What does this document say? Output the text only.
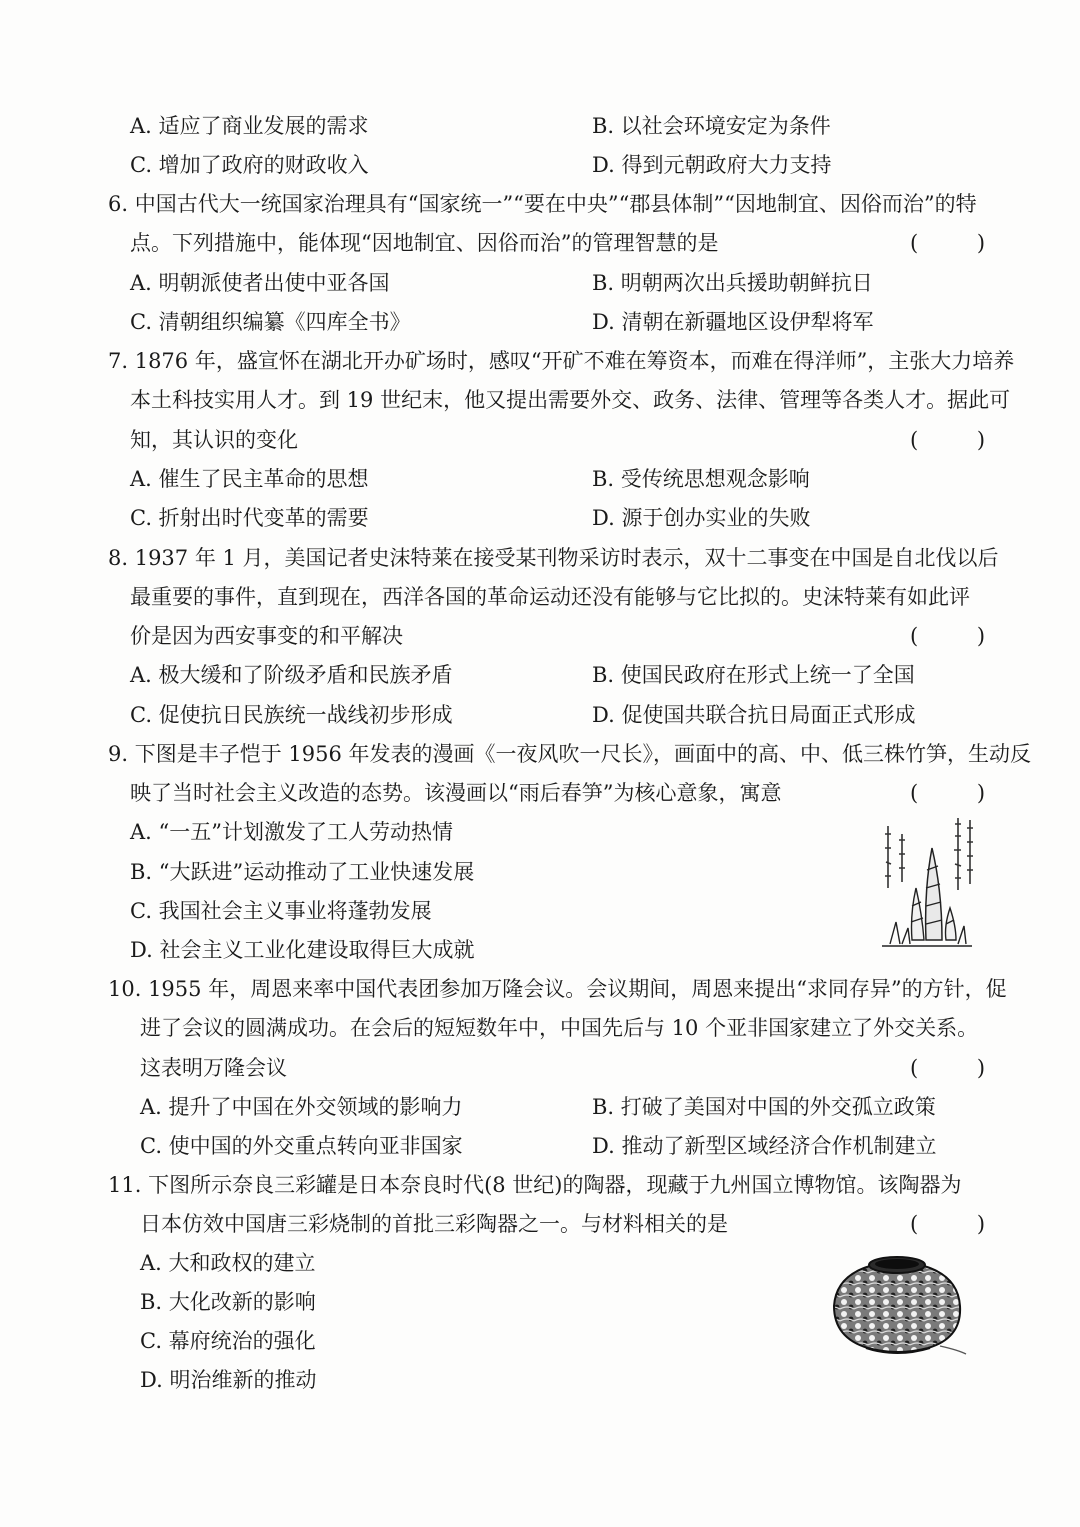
A. 适应了商业发展的需求	B. 以社会环境安定为条件
C. 增加了政府的财政收入	D. 得到元朝政府大力支持
6. 中国古代大一统国家治理具有“国家统一”“要在中央”“郡县体制”“因地制宜、因俗而治”的特
点。下列措施中，能体现“因地制宜、因俗而治”的管理智慧的是	( )
A. 明朝派使者出使中亚各国	B. 明朝两次出兵援助朝鲜抗日
C. 清朝组织编纂《四库全书》	D. 清朝在新疆地区设伊犁将军
7. 1876 年，盛宣怀在湖北开办矿场时，感叹“开矿不难在筹资本，而难在得洋师”，主张大力培养
本土科技实用人才。到 19 世纪末，他又提出需要外交、政务、法律、管理等各类人才。据此可
知，其认识的变化	( )
A. 催生了民主革命的思想	B. 受传统思想观念影响
C. 折射出时代变革的需要	D. 源于创办实业的失败
8. 1937 年 1 月，美国记者史沫特莱在接受某刊物采访时表示，双十二事变在中国是自北伐以后
最重要的事件，直到现在，西洋各国的革命运动还没有能够与它比拟的。史沫特莱有如此评
价是因为西安事变的和平解决	( )
A. 极大缓和了阶级矛盾和民族矛盾	B. 使国民政府在形式上统一了全国
C. 促使抗日民族统一战线初步形成	D. 促使国共联合抗日局面正式形成
9. 下图是丰子恺于 1956 年发表的漫画《一夜风吹一尺长》，画面中的高、中、低三株竹笋，生动反
映了当时社会主义改造的态势。该漫画以“雨后春笋”为核心意象，寓意	( )
A. “一五”计划激发了工人劳动热情
B. “大跃进”运动推动了工业快速发展
C. 我国社会主义事业将蓬勃发展
D. 社会主义工业化建设取得巨大成就
10. 1955 年，周恩来率中国代表团参加万隆会议。会议期间，周恩来提出“求同存异”的方针，促
进了会议的圆满成功。在会后的短短数年中，中国先后与 10 个亚非国家建立了外交关系。
这表明万隆会议	( )
A. 提升了中国在外交领域的影响力	B. 打破了美国对中国的外交孤立政策
C. 使中国的外交重点转向亚非国家	D. 推动了新型区域经济合作机制建立
11. 下图所示奈良三彩罐是日本奈良时代(8 世纪)的陶器，现藏于九州国立博物馆。该陶器为
日本仿效中国唐三彩烧制的首批三彩陶器之一。与材料相关的是	( )
A. 大和政权的建立
B. 大化改新的影响
C. 幕府统治的强化
D. 明治维新的推动
